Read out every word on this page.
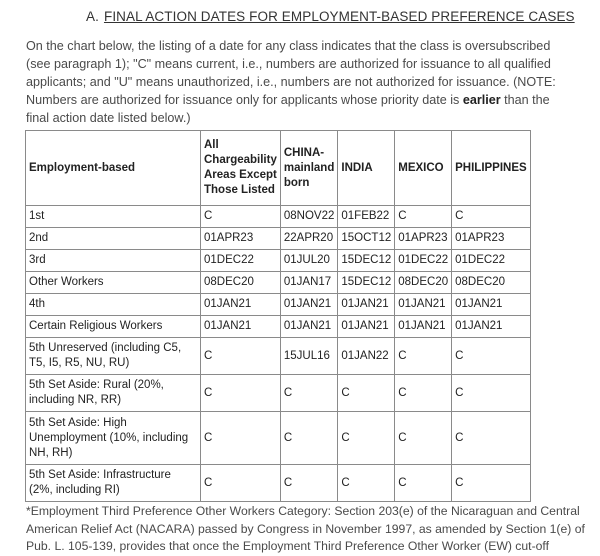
A. FINAL ACTION DATES FOR EMPLOYMENT-BASED PREFERENCE CASES
On the chart below, the listing of a date for any class indicates that the class is oversubscribed (see paragraph 1); "C" means current, i.e., numbers are authorized for issuance to all qualified applicants; and "U" means unauthorized, i.e., numbers are not authorized for issuance. (NOTE: Numbers are authorized for issuance only for applicants whose priority date is earlier than the final action date listed below.)
Employment-based	All Chargeability Areas Except Those Listed	CHINA-mainland born	INDIA	MEXICO	PHILIPPINES
1st	C	08NOV22	01FEB22	C	C
2nd	01APR23	22APR20	15OCT12	01APR23	01APR23
3rd	01DEC22	01JUL20	15DEC12	01DEC22	01DEC22
Other Workers	08DEC20	01JAN17	15DEC12	08DEC20	08DEC20
4th	01JAN21	01JAN21	01JAN21	01JAN21	01JAN21
Certain Religious Workers	01JAN21	01JAN21	01JAN21	01JAN21	01JAN21
5th Unreserved (including C5, T5, I5, R5, NU, RU)	C	15JUL16	01JAN22	C	C
5th Set Aside: Rural (20%, including NR, RR)	C	C	C	C	C
5th Set Aside: High Unemployment (10%, including NH, RH)	C	C	C	C	C
5th Set Aside: Infrastructure (2%, including RI)	C	C	C	C	C
*Employment Third Preference Other Workers Category: Section 203(e) of the Nicaraguan and Central American Relief Act (NACARA) passed by Congress in November 1997, as amended by Section 1(e) of Pub. L. 105-139, provides that once the Employment Third Preference Other Worker (EW) cut-off
